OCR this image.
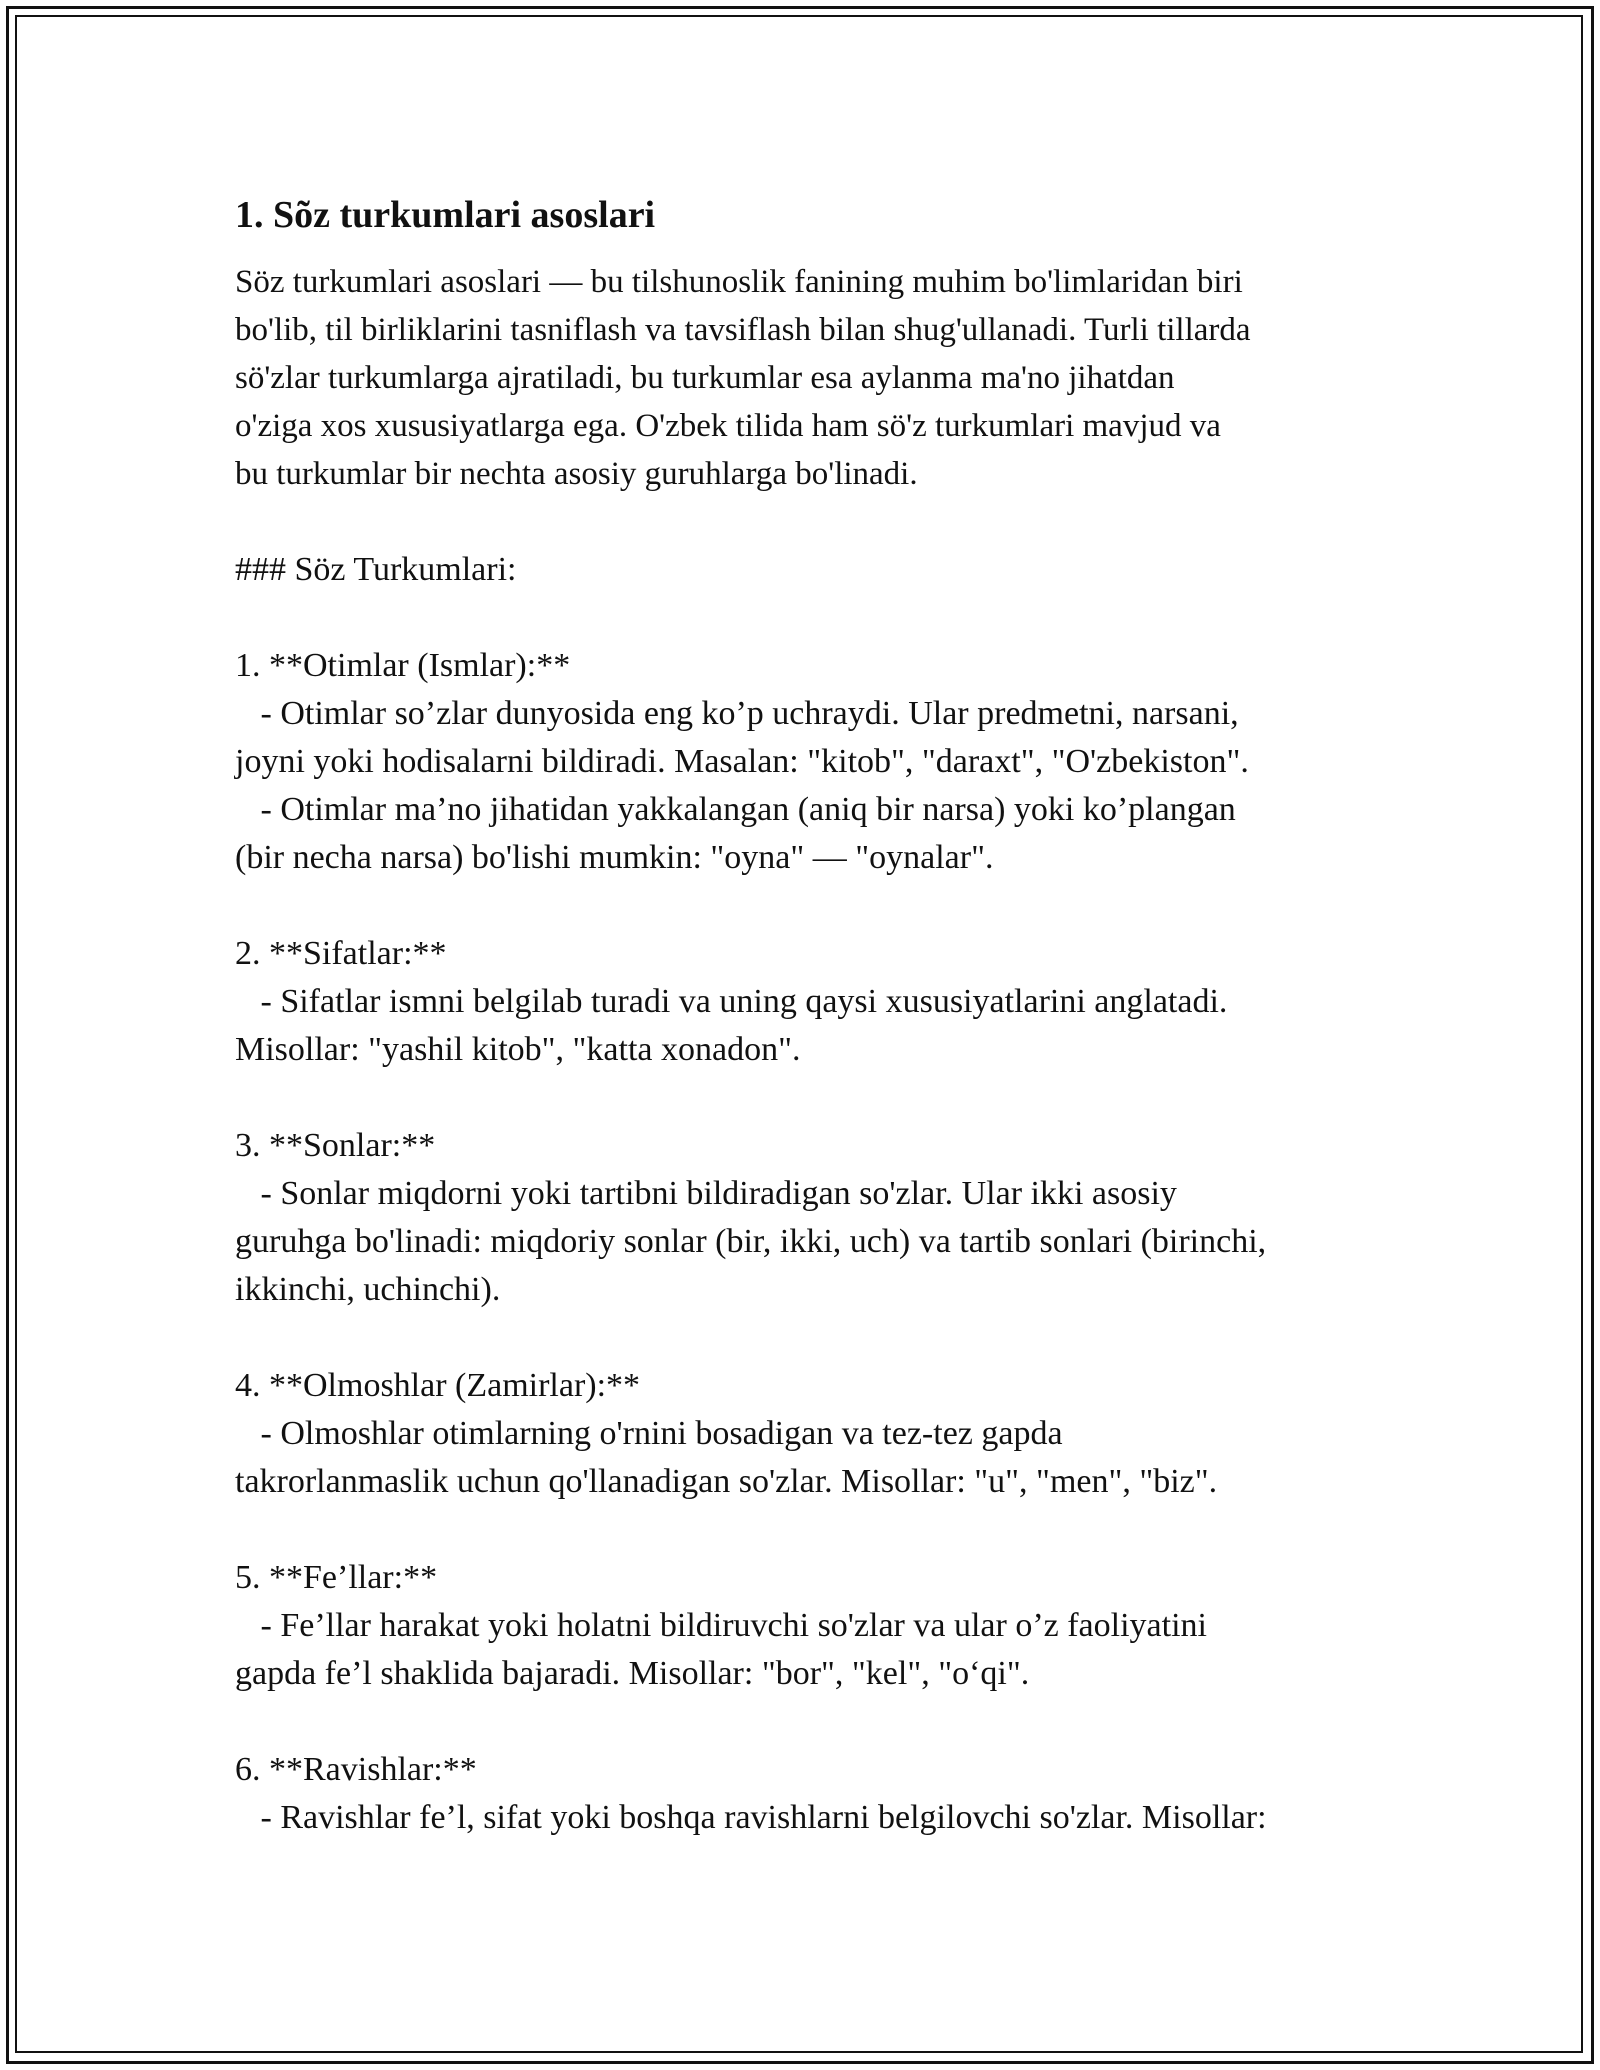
1. Sõz turkumlari asoslari
Söz turkumlari asoslari — bu tilshunoslik fanining muhim bo'limlaridan biri
bo'lib, til birliklarini tasniflash va tavsiflash bilan shug'ullanadi. Turli tillarda
sö'zlar turkumlarga ajratiladi, bu turkumlar esa aylanma ma'no jihatdan
o'ziga xos xususiyatlarga ega. O'zbek tilida ham sö'z turkumlari mavjud va
bu turkumlar bir nechta asosiy guruhlarga bo'linadi.
### Söz Turkumlari:
1. **Otimlar (Ismlar):**
- Otimlar so’zlar dunyosida eng ko’p uchraydi. Ular predmetni, narsani,
joyni yoki hodisalarni bildiradi. Masalan: "kitob", "daraxt", "O'zbekiston".
- Otimlar ma’no jihatidan yakkalangan (aniq bir narsa) yoki ko’plangan
(bir necha narsa) bo'lishi mumkin: "oyna" — "oynalar".
2. **Sifatlar:**
- Sifatlar ismni belgilab turadi va uning qaysi xususiyatlarini anglatadi.
Misollar: "yashil kitob", "katta xonadon".
3. **Sonlar:**
- Sonlar miqdorni yoki tartibni bildiradigan so'zlar. Ular ikki asosiy
guruhga bo'linadi: miqdoriy sonlar (bir, ikki, uch) va tartib sonlari (birinchi,
ikkinchi, uchinchi).
4. **Olmoshlar (Zamirlar):**
- Olmoshlar otimlarning o'rnini bosadigan va tez-tez gapda
takrorlanmaslik uchun qo'llanadigan so'zlar. Misollar: "u", "men", "biz".
5. **Fe’llar:**
- Fe’llar harakat yoki holatni bildiruvchi so'zlar va ular o’z faoliyatini
gapda fe’l shaklida bajaradi. Misollar: "bor", "kel", "o‘qi".
6. **Ravishlar:**
- Ravishlar fe’l, sifat yoki boshqa ravishlarni belgilovchi so'zlar. Misollar:
